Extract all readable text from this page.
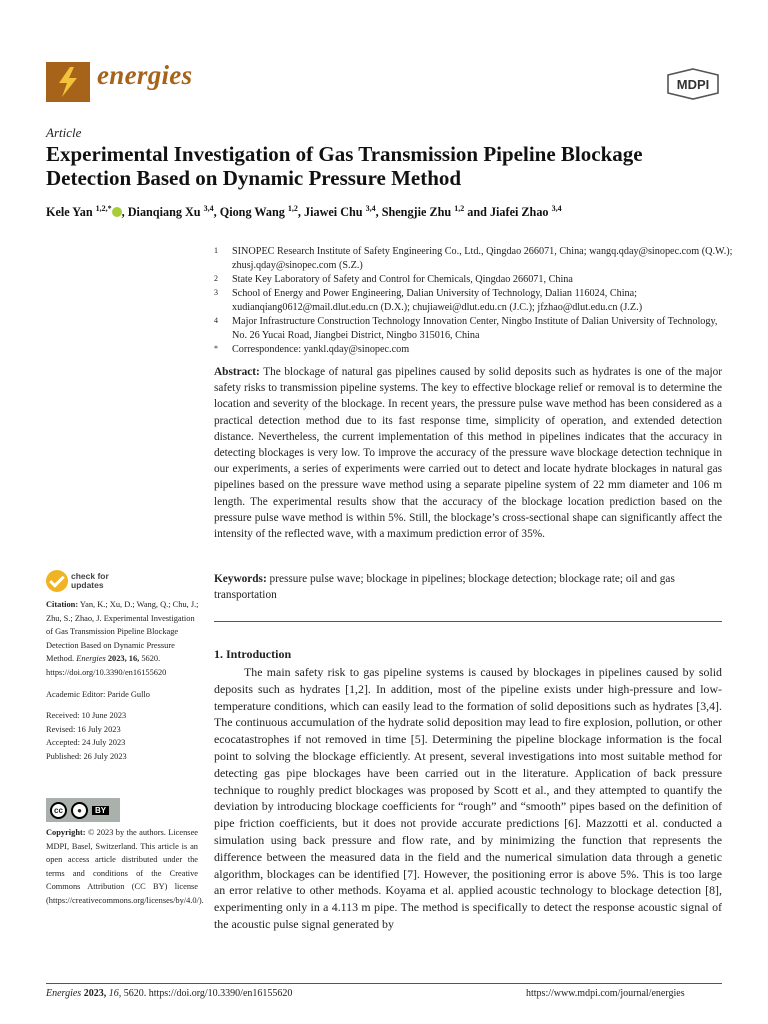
energies	MDPI
Article
Experimental Investigation of Gas Transmission Pipeline Blockage Detection Based on Dynamic Pressure Method
Kele Yan $^{1,2,*}$ , Dianqiang Xu $^{3,4}$, Qiong Wang $^{1,2}$, Jiawei Chu $^{3,4}$, Shengjie Zhu $^{1,2}$ and Jiafei Zhao $^{3,4}$
1	SINOPEC Research Institute of Safety Engineering Co., Ltd., Qingdao 266071, China; wangq.qday@sinopec.com (Q.W.); zhusj.qday@sinopec.com (S.Z.)
2	State Key Laboratory of Safety and Control for Chemicals, Qingdao 266071, China
3	School of Energy and Power Engineering, Dalian University of Technology, Dalian 116024, China; xudianqiang0612@mail.dlut.edu.cn (D.X.); chujiawei@dlut.edu.cn (J.C.); jfzhao@dlut.edu.cn (J.Z.)
4	Major Infrastructure Construction Technology Innovation Center, Ningbo Institute of Dalian University of Technology, No. 26 Yucai Road, Jiangbei District, Ningbo 315016, China
*	Correspondence: yankl.qday@sinopec.com
Abstract: The blockage of natural gas pipelines caused by solid deposits such as hydrates is one of the major safety risks to transmission pipeline systems. The key to effective blockage relief or removal is to determine the location and severity of the blockage. In recent years, the pressure pulse wave method has been considered as a practical detection method due to its fast response time, simplicity of operation, and extended detection distance. Nevertheless, the current implementation of this method in pipelines indicates that the accuracy in detecting blockages is very low. To improve the accuracy of the pressure wave blockage detection technique in our experiments, a series of experiments were carried out to detect and locate hydrate blockages in natural gas pipelines based on the pressure wave method using a separate pipeline system of 22 mm diameter and 106 m length. The experimental results show that the accuracy of the blockage location prediction based on the pressure pulse wave method is within 5%. Still, the blockage’s cross-sectional shape can significantly affect the intensity of the reflected wave, with a maximum prediction error of 35%.
Keywords: pressure pulse wave; blockage in pipelines; blockage detection; blockage rate; oil and gas transportation
check for
updates
Citation: Yan, K.; Xu, D.; Wang, Q.; Chu, J.; Zhu, S.; Zhao, J. Experimental Investigation of Gas Transmission Pipeline Blockage Detection Based on Dynamic Pressure Method. Energies 2023, 16, 5620. https://doi.org/10.3390/en16155620
Academic Editor: Paride Gullo
Received: 10 June 2023
Revised: 16 July 2023
Accepted: 24 July 2023
Published: 26 July 2023
cc	●	BY
Copyright: © 2023 by the authors. Licensee MDPI, Basel, Switzerland. This article is an open access article distributed under the terms and conditions of the Creative Commons Attribution (CC BY) license (https://creativecommons.org/licenses/by/4.0/).
1. Introduction
The main safety risk to gas pipeline systems is caused by blockages in pipelines caused by solid deposits such as hydrates [1,2]. In addition, most of the pipeline exists under high-pressure and low-temperature conditions, which can easily lead to the formation of solid depositions such as hydrates [3,4]. The continuous accumulation of the hydrate solid deposition may lead to fire explosion, pollution, or other ecocatastrophes if not removed in time [5]. Determining the pipeline blockage information is the focal point to solving the blockage efficiently. At present, several investigations into most suitable method for detecting gas pipe blockages have been carried out in the literature. Application of back pressure technique to roughly predict blockages was proposed by Scott et al., and they attempted to quantify the deviation by introducing blockage coefficients for “rough” and “smooth” pipes based on the definition of pipe friction coefficients, but it does not provide accurate predictions [6]. Mazzotti et al. conducted a simulation using back pressure and flow rate, and by minimizing the function that represents the difference between the measured data in the field and the numerical simulation data through a genetic algorithm, blockages can be identified [7]. However, the positioning error is above 5%. This is too large an error relative to other methods. Koyama et al. applied acoustic technology to blockage detection [8], experimenting only in a 4.113 m pipe. The method is specifically to detect the response acoustic signal of the acoustic pulse signal generated by
Energies 2023, 16, 5620. https://doi.org/10.3390/en16155620	https://www.mdpi.com/journal/energies
